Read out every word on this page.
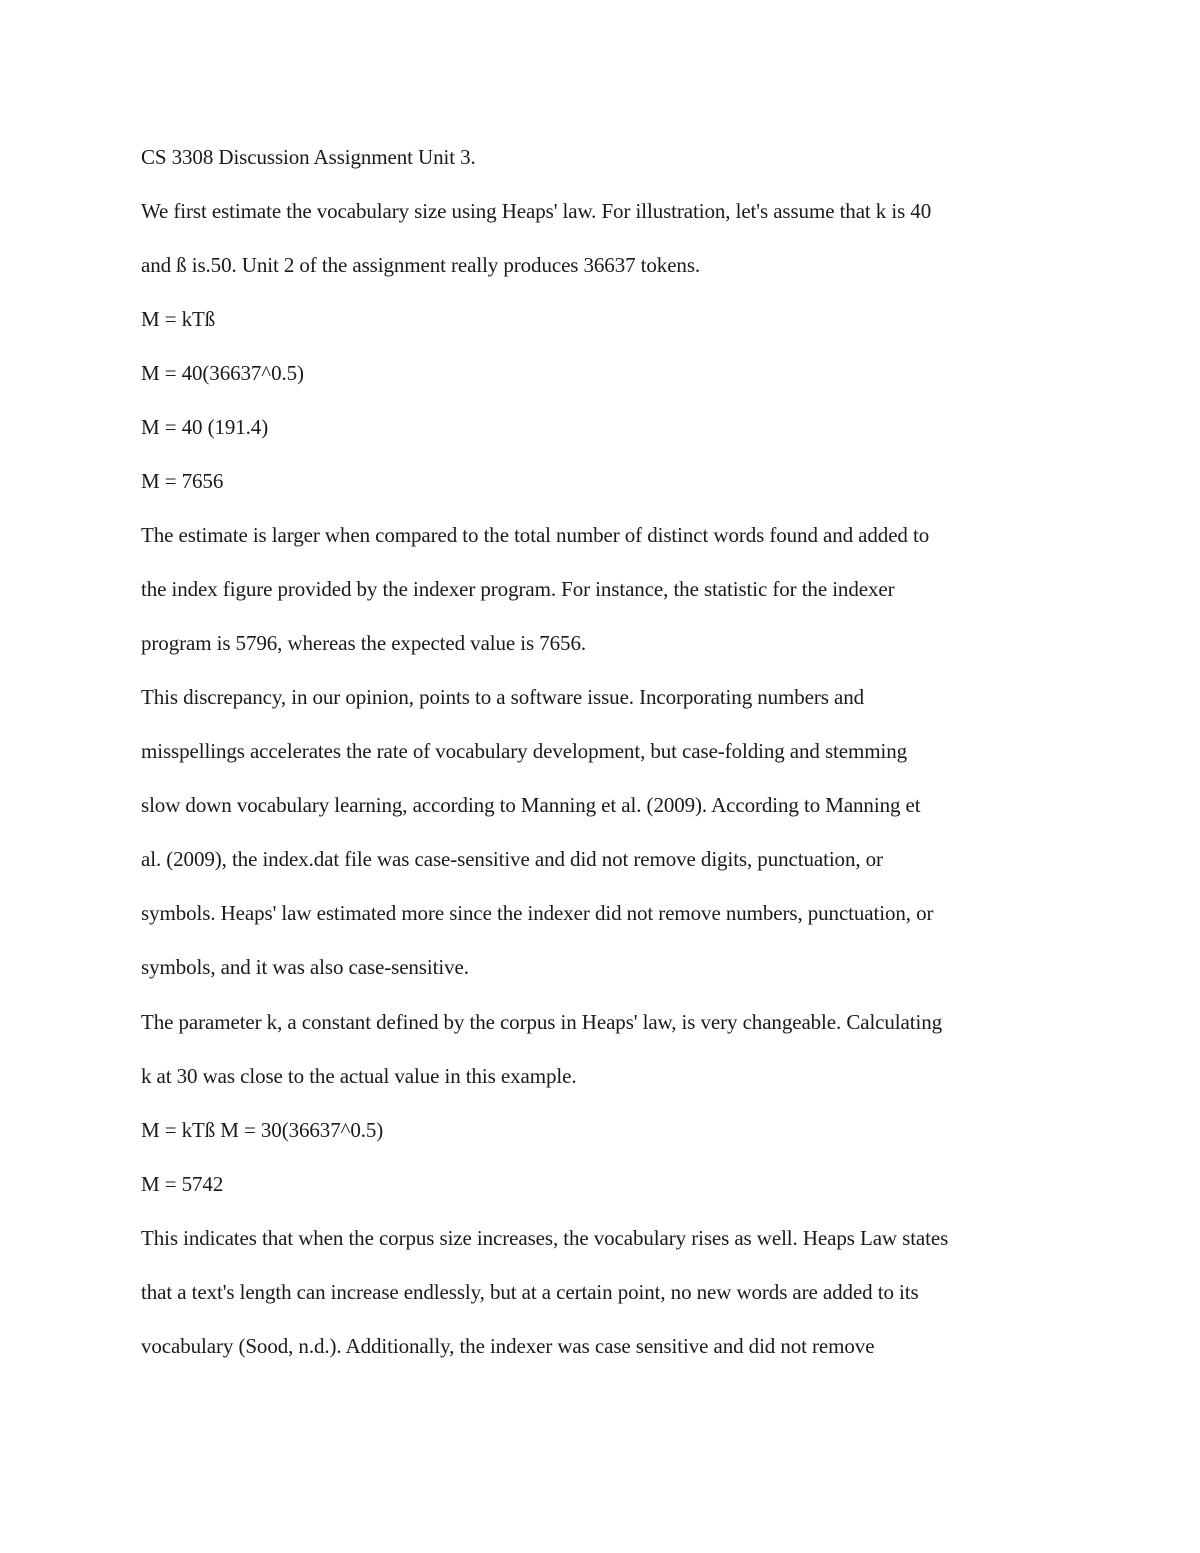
CS 3308 Discussion Assignment Unit 3.
We first estimate the vocabulary size using Heaps' law. For illustration, let's assume that k is 40
and ß is.50. Unit 2 of the assignment really produces 36637 tokens.
M = kTß
M = 40(36637^0.5)
M = 40 (191.4)
M = 7656
The estimate is larger when compared to the total number of distinct words found and added to
the index figure provided by the indexer program. For instance, the statistic for the indexer
program is 5796, whereas the expected value is 7656.
This discrepancy, in our opinion, points to a software issue. Incorporating numbers and
misspellings accelerates the rate of vocabulary development, but case-folding and stemming
slow down vocabulary learning, according to Manning et al. (2009). According to Manning et
al. (2009), the index.dat file was case-sensitive and did not remove digits, punctuation, or
symbols. Heaps' law estimated more since the indexer did not remove numbers, punctuation, or
symbols, and it was also case-sensitive.
The parameter k, a constant defined by the corpus in Heaps' law, is very changeable. Calculating
k at 30 was close to the actual value in this example.
M = kTß M = 30(36637^0.5)
M = 5742
This indicates that when the corpus size increases, the vocabulary rises as well. Heaps Law states
that a text's length can increase endlessly, but at a certain point, no new words are added to its
vocabulary (Sood, n.d.). Additionally, the indexer was case sensitive and did not remove
